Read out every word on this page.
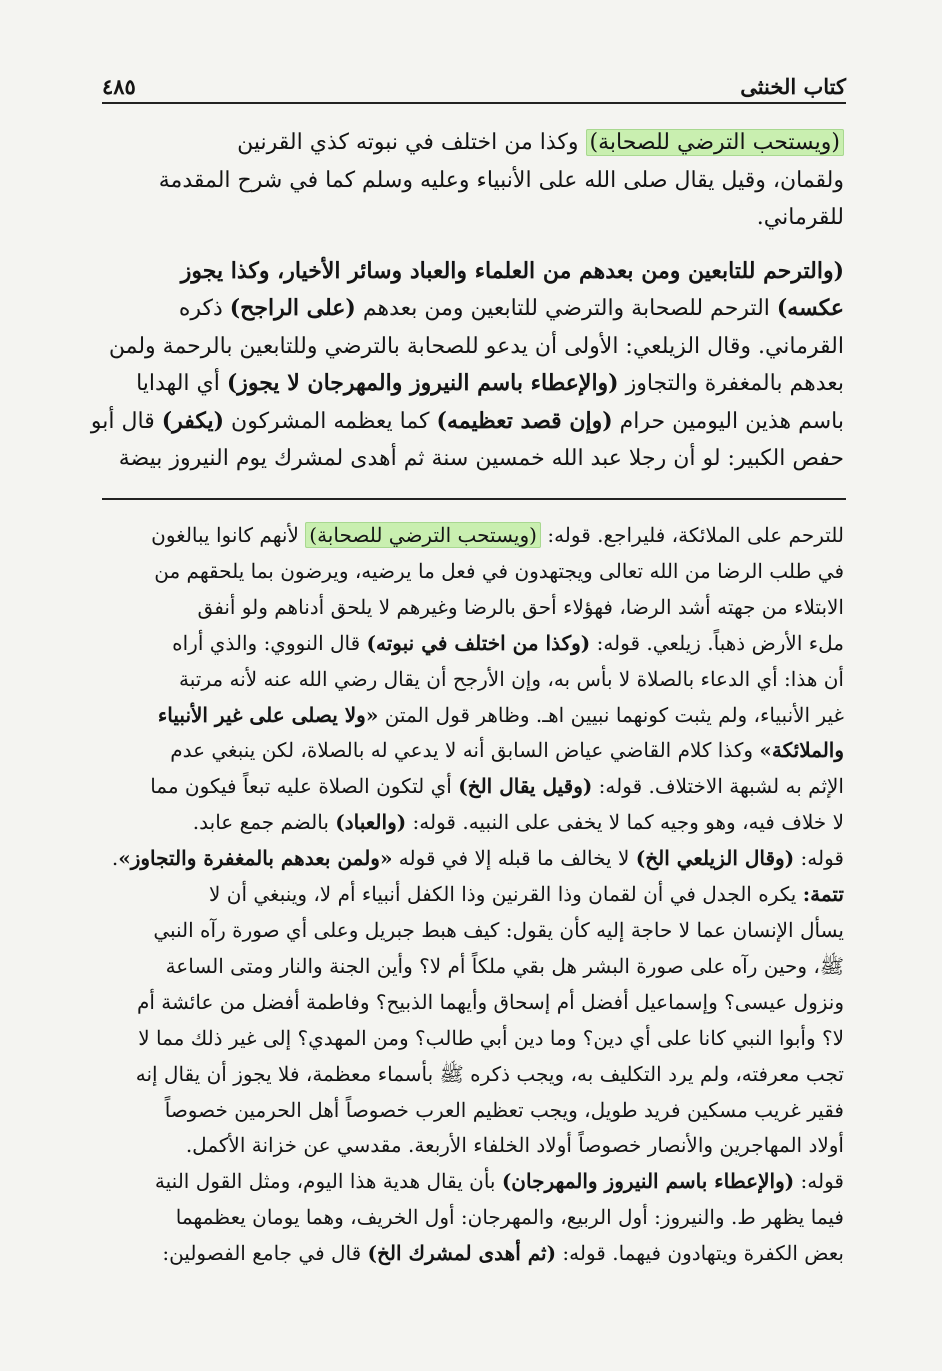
كتاب الخنثى
٤٨٥

(ويستحب الترضي للصحابة) وكذا من اختلف في نبوته كذي القرنين

ولقمان، وقيل يقال صلى الله على الأنبياء وعليه وسلم كما في شرح المقدمة

للقرماني.

(والترحم للتابعين ومن بعدهم من العلماء والعباد وسائر الأخيار، وكذا يجوز

عكسه) الترحم للصحابة والترضي للتابعين ومن بعدهم (على الراجح) ذكره

القرماني. وقال الزيلعي: الأولى أن يدعو للصحابة بالترضي وللتابعين بالرحمة ولمن

بعدهم بالمغفرة والتجاوز (والإعطاء باسم النيروز والمهرجان لا يجوز) أي الهدايا

باسم هذين اليومين حرام (وإن قصد تعظيمه) كما يعظمه المشركون (يكفر) قال أبو

حفص الكبير: لو أن رجلا عبد الله خمسين سنة ثم أهدى لمشرك يوم النيروز بيضة

للترحم على الملائكة، فليراجع. قوله: (ويستحب الترضي للصحابة) لأنهم كانوا يبالغون

في طلب الرضا من الله تعالى ويجتهدون في فعل ما يرضيه، ويرضون بما يلحقهم من

الابتلاء من جهته أشد الرضا، فهؤلاء أحق بالرضا وغيرهم لا يلحق أدناهم ولو أنفق

ملء الأرض ذهباً. زيلعي. قوله: (وكذا من اختلف في نبوته) قال النووي: والذي أراه

أن هذا: أي الدعاء بالصلاة لا بأس به، وإن الأرجح أن يقال رضي الله عنه لأنه مرتبة

غير الأنبياء، ولم يثبت كونهما نبيين اهـ. وظاهر قول المتن «ولا يصلى على غير الأنبياء

والملائكة» وكذا كلام القاضي عياض السابق أنه لا يدعي له بالصلاة، لكن ينبغي عدم

الإثم به لشبهة الاختلاف. قوله: (وقيل يقال الخ) أي لتكون الصلاة عليه تبعاً فيكون مما

لا خلاف فيه، وهو وجيه كما لا يخفى على النبيه. قوله: (والعباد) بالضم جمع عابد.

قوله: (وقال الزيلعي الخ) لا يخالف ما قبله إلا في قوله «ولمن بعدهم بالمغفرة والتجاوز».

تتمة: يكره الجدل في أن لقمان وذا القرنين وذا الكفل أنبياء أم لا، وينبغي أن لا

يسأل الإنسان عما لا حاجة إليه كأن يقول: كيف هبط جبريل وعلى أي صورة رآه النبي

ﷺ، وحين رآه على صورة البشر هل بقي ملكاً أم لا؟ وأين الجنة والنار ومتى الساعة

ونزول عيسى؟ وإسماعيل أفضل أم إسحاق وأيهما الذبيح؟ وفاطمة أفضل من عائشة أم

لا؟ وأبوا النبي كانا على أي دين؟ وما دين أبي طالب؟ ومن المهدي؟ إلى غير ذلك مما لا

تجب معرفته، ولم يرد التكليف به، ويجب ذكره ﷺ بأسماء معظمة، فلا يجوز أن يقال إنه

فقير غريب مسكين فريد طويل، ويجب تعظيم العرب خصوصاً أهل الحرمين خصوصاً

أولاد المهاجرين والأنصار خصوصاً أولاد الخلفاء الأربعة. مقدسي عن خزانة الأكمل.

قوله: (والإعطاء باسم النيروز والمهرجان) بأن يقال هدية هذا اليوم، ومثل القول النية

فيما يظهر ط. والنيروز: أول الربيع، والمهرجان: أول الخريف، وهما يومان يعظمهما

بعض الكفرة ويتهادون فيهما. قوله: (ثم أهدى لمشرك الخ) قال في جامع الفصولين:
